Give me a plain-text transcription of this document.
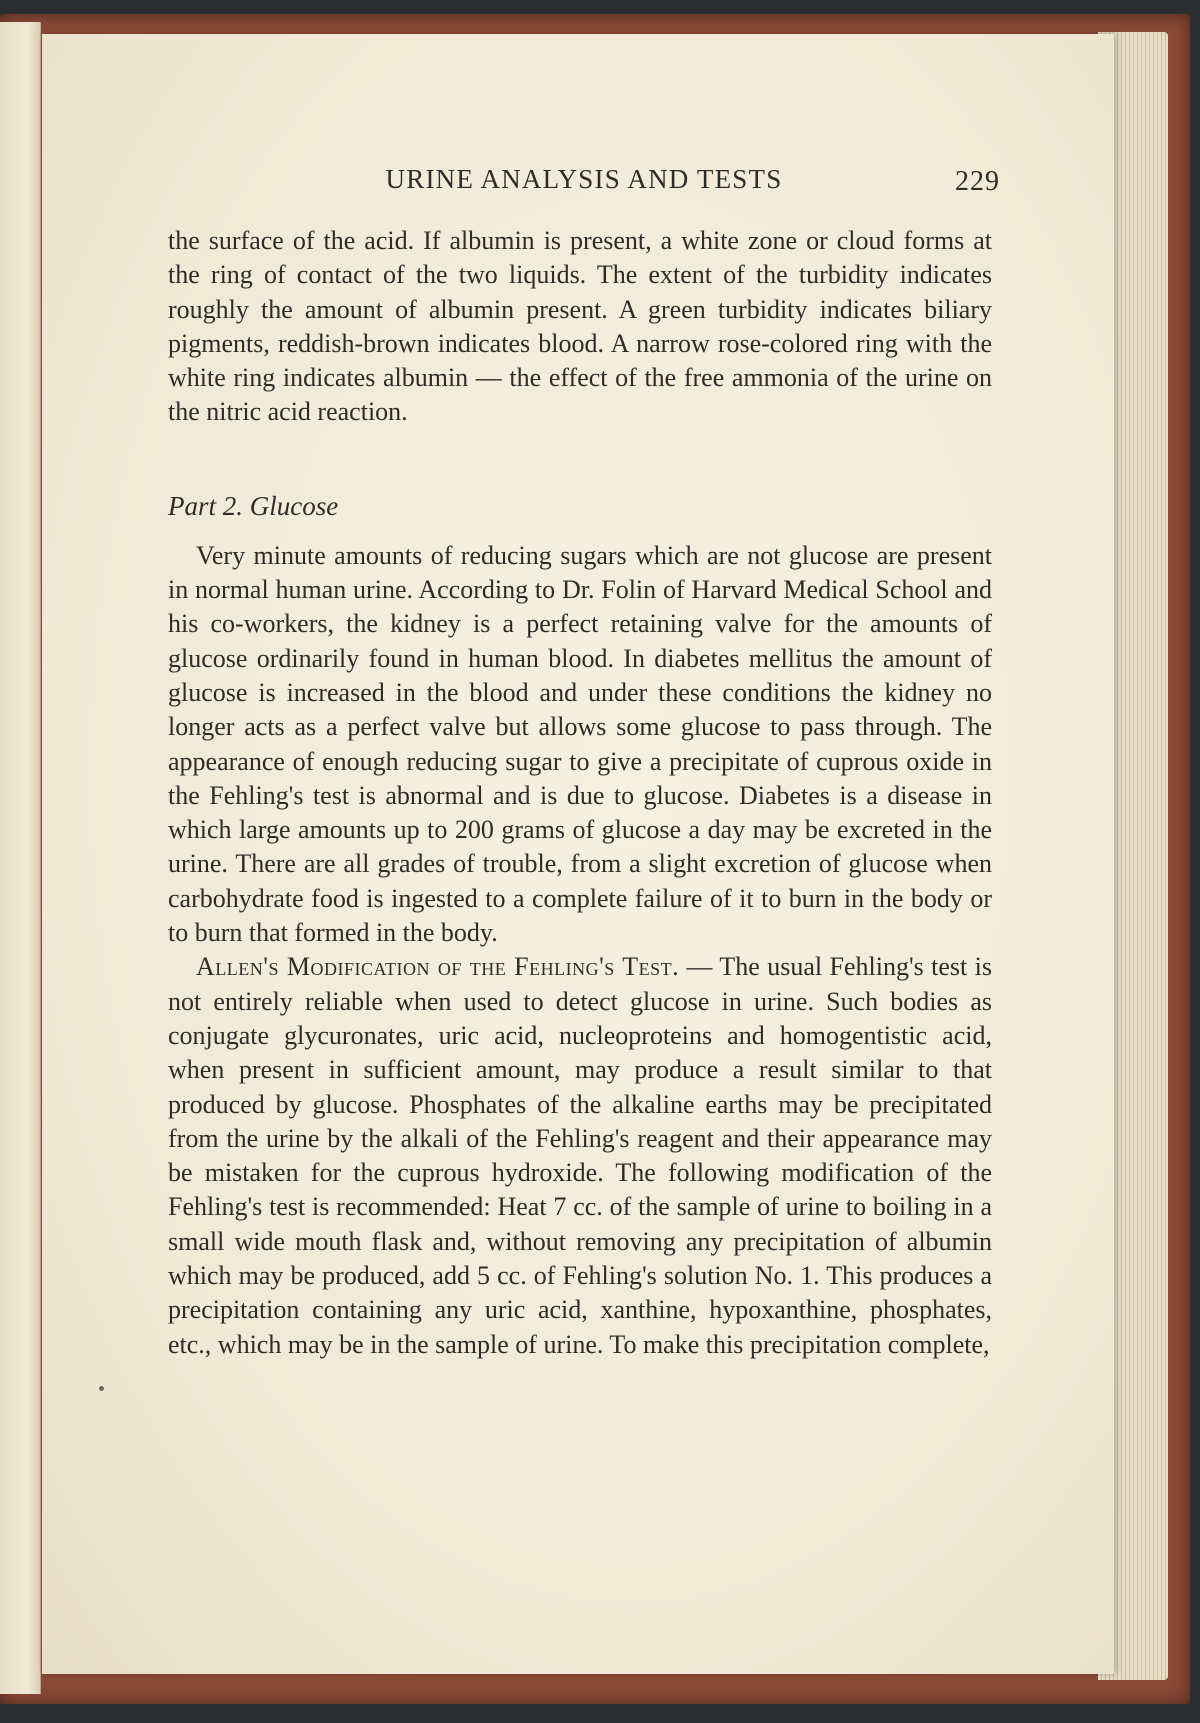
URINE ANALYSIS AND TESTS	229

the surface of the acid. If albumin is present, a white zone or cloud forms at the ring of contact of the two liquids. The extent of the turbidity indicates roughly the amount of albumin present. A green turbidity indicates biliary pigments, reddish-brown indicates blood. A narrow rose-colored ring with the white ring indicates albumin — the effect of the free ammonia of the urine on the nitric acid reaction.

Part 2. Glucose

Very minute amounts of reducing sugars which are not glucose are present in normal human urine. According to Dr. Folin of Harvard Medical School and his co-workers, the kidney is a perfect retaining valve for the amounts of glucose ordinarily found in human blood. In diabetes mellitus the amount of glucose is increased in the blood and under these conditions the kidney no longer acts as a perfect valve but allows some glucose to pass through. The appearance of enough reducing sugar to give a precipitate of cuprous oxide in the Fehling's test is abnormal and is due to glucose. Diabetes is a disease in which large amounts up to 200 grams of glucose a day may be excreted in the urine. There are all grades of trouble, from a slight excretion of glucose when carbohydrate food is ingested to a complete failure of it to burn in the body or to burn that formed in the body.

Allen's Modification of the Fehling's Test. — The usual Fehling's test is not entirely reliable when used to detect glucose in urine. Such bodies as conjugate glycuronates, uric acid, nucleoproteins and homogentistic acid, when present in sufficient amount, may produce a result similar to that produced by glucose. Phosphates of the alkaline earths may be precipitated from the urine by the alkali of the Fehling's reagent and their appearance may be mistaken for the cuprous hydroxide. The following modification of the Fehling's test is recommended: Heat 7 cc. of the sample of urine to boiling in a small wide mouth flask and, without removing any precipitation of albumin which may be produced, add 5 cc. of Fehling's solution No. 1. This produces a precipitation containing any uric acid, xanthine, hypoxanthine, phosphates, etc., which may be in the sample of urine. To make this precipitation complete,
